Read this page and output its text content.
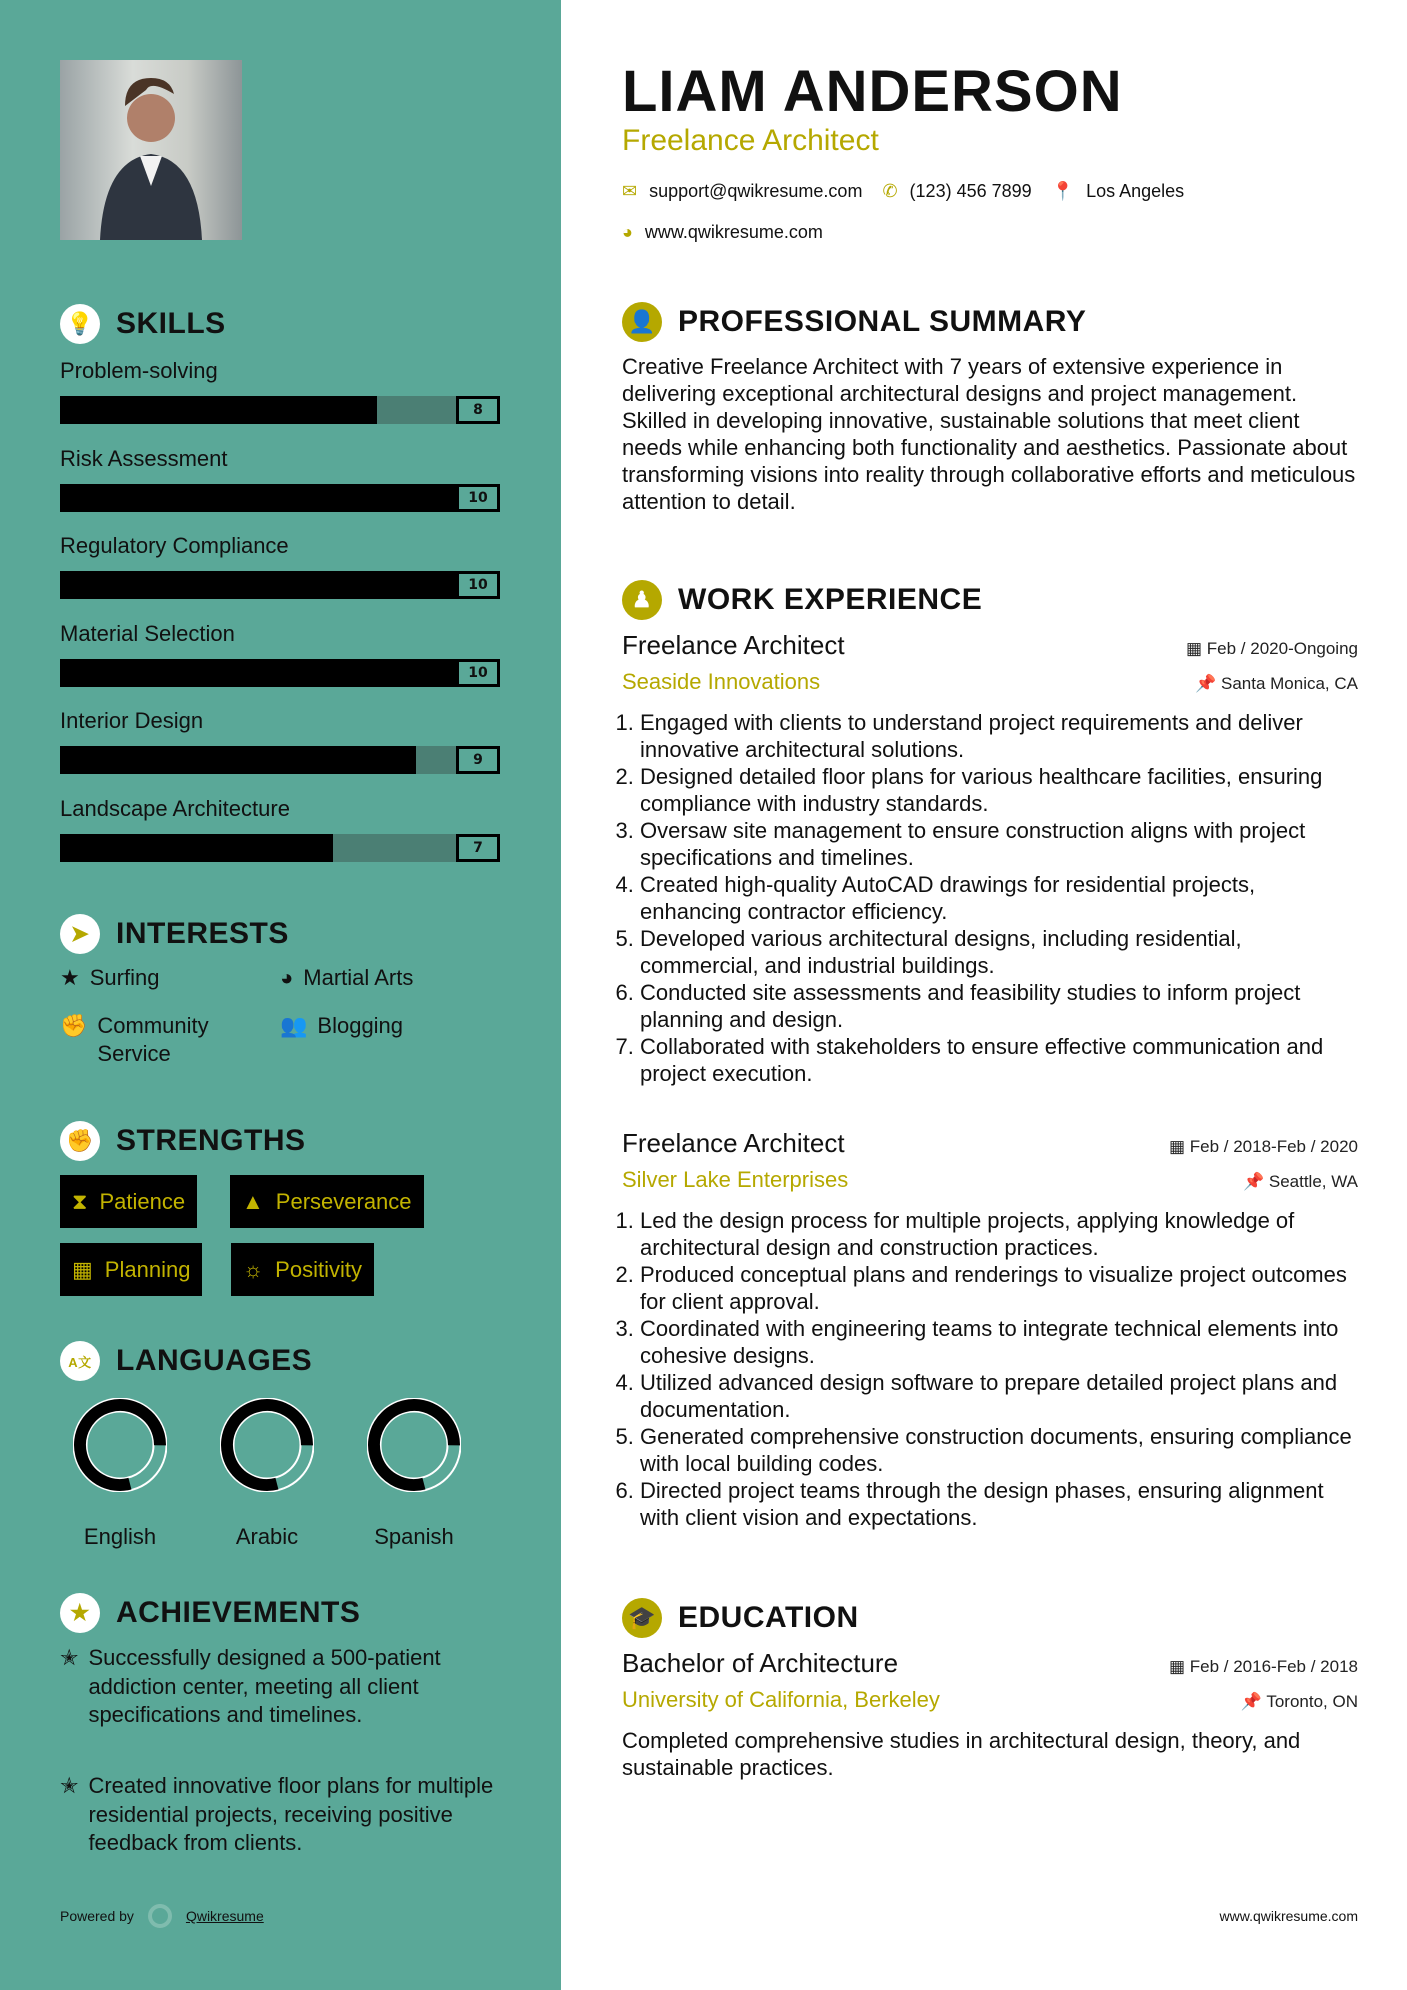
💡 SKILLS
Problem-solving
8
Risk Assessment
10
Regulatory Compliance
10
Material Selection
10
Interior Design
9
Landscape Architecture
7
➤ INTERESTS
★ Surfing	◕ Martial Arts
✊ Community Service
👥 Blogging
✊ STRENGTHS
⧗ Patience	▲ Perseverance
▦ Planning ☼ Positivity
A文 LANGUAGES
English	Arabic	Spanish
★ ACHIEVEMENTS
✭ Successfully designed a 500-patient addiction center, meeting all client specifications and timelines.
✭ Created innovative floor plans for multiple residential projects, receiving positive feedback from clients.
Powered by	Qwikresume
LIAM ANDERSON
Freelance Architect
✉ support@qwikresume.com ✆ (123) 456 7899 📍 Los Angeles
◕ www.qwikresume.com
👤 PROFESSIONAL SUMMARY
Creative Freelance Architect with 7 years of extensive experience in delivering exceptional architectural designs and project management. Skilled in developing innovative, sustainable solutions that meet client needs while enhancing both functionality and aesthetics. Passionate about transforming visions into reality through collaborative efforts and meticulous attention to detail.
♟ WORK EXPERIENCE
Freelance Architect	▦ Feb / 2020-Ongoing
Seaside Innovations	📌 Santa Monica, CA
1. Engaged with clients to understand project requirements and deliver innovative architectural solutions.
2. Designed detailed floor plans for various healthcare facilities, ensuring compliance with industry standards.
3. Oversaw site management to ensure construction aligns with project specifications and timelines.
4. Created high-quality AutoCAD drawings for residential projects, enhancing contractor efficiency.
5. Developed various architectural designs, including residential, commercial, and industrial buildings.
6. Conducted site assessments and feasibility studies to inform project planning and design.
7. Collaborated with stakeholders to ensure effective communication and project execution.
Freelance Architect	▦ Feb / 2018-Feb / 2020
Silver Lake Enterprises	📌 Seattle, WA
1. Led the design process for multiple projects, applying knowledge of architectural design and construction practices.
2. Produced conceptual plans and renderings to visualize project outcomes for client approval.
3. Coordinated with engineering teams to integrate technical elements into cohesive designs.
4. Utilized advanced design software to prepare detailed project plans and documentation.
5. Generated comprehensive construction documents, ensuring compliance with local building codes.
6. Directed project teams through the design phases, ensuring alignment with client vision and expectations.
🎓 EDUCATION
Bachelor of Architecture	▦ Feb / 2016-Feb / 2018
University of California, Berkeley	📌 Toronto, ON
Completed comprehensive studies in architectural design, theory, and sustainable practices.
www.qwikresume.com
